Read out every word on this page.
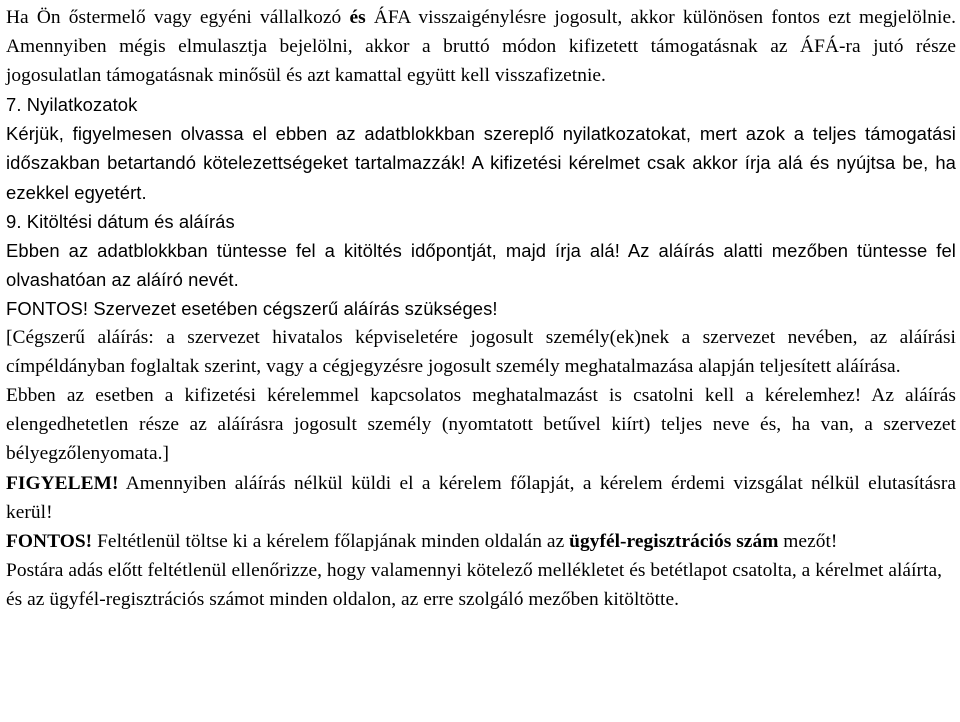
Ha Ön őstermelő vagy egyéni vállalkozó és ÁFA visszaigénylésre jogosult, akkor különösen fontos ezt megjelölnie. Amennyiben mégis elmulasztja bejelölni, akkor a bruttó módon kifizetett támogatásnak az ÁFÁ-ra jutó része jogosulatlan támogatásnak minősül és azt kamattal együtt kell visszafizetnie.

7. Nyilatkozatok

Kérjük, figyelmesen olvassa el ebben az adatblokkban szereplő nyilatkozatokat, mert azok a teljes támogatási időszakban betartandó kötelezettségeket tartalmazzák! A kifizetési kérelmet csak akkor írja alá és nyújtsa be, ha ezekkel egyetért.

9. Kitöltési dátum és aláírás

Ebben az adatblokkban tüntesse fel a kitöltés időpontját, majd írja alá! Az aláírás alatti mezőben tüntesse fel olvashatóan az aláíró nevét.

FONTOS! Szervezet esetében cégszerű aláírás szükséges!

[Cégszerű aláírás: a szervezet hivatalos képviseletére jogosult személy(ek)nek a szervezet nevében, az aláírási címpéldányban foglaltak szerint, vagy a cégjegyzésre jogosult személy meghatalmazása alapján teljesített aláírása.

Ebben az esetben a kifizetési kérelemmel kapcsolatos meghatalmazást is csatolni kell a kérelemhez! Az aláírás elengedhetetlen része az aláírásra jogosult személy (nyomtatott betűvel kiírt) teljes neve és, ha van, a szervezet bélyegzőlenyomata.]

FIGYELEM! Amennyiben aláírás nélkül küldi el a kérelem főlapját, a kérelem érdemi vizsgálat nélkül elutasításra kerül!

FONTOS! Feltétlenül töltse ki a kérelem főlapjának minden oldalán az ügyfél-regisztrációs szám mezőt!

Postára adás előtt feltétlenül ellenőrizze, hogy valamennyi kötelező mellékletet és betétlapot csatolta, a kérelmet aláírta, és az ügyfél-regisztrációs számot minden oldalon, az erre szolgáló mezőben kitöltötte.
